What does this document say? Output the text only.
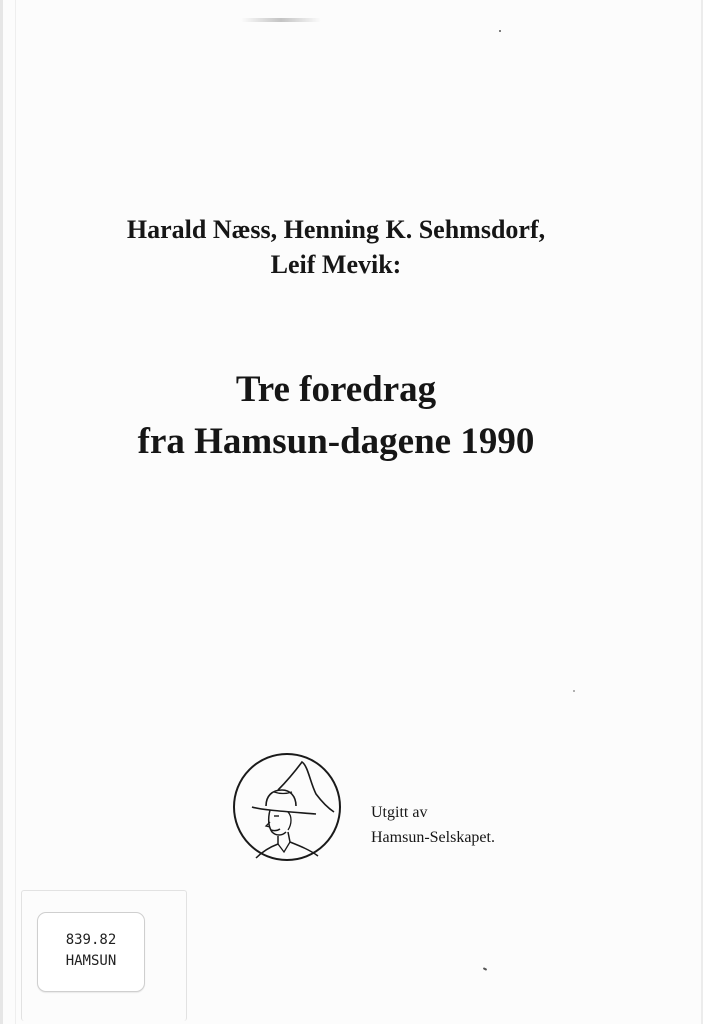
Harald Næss, Henning K. Sehmsdorf,
Leif Mevik:
Tre foredrag
fra Hamsun-dagene 1990
Utgitt av
Hamsun-Selskapet.
839.82
HAMSUN
